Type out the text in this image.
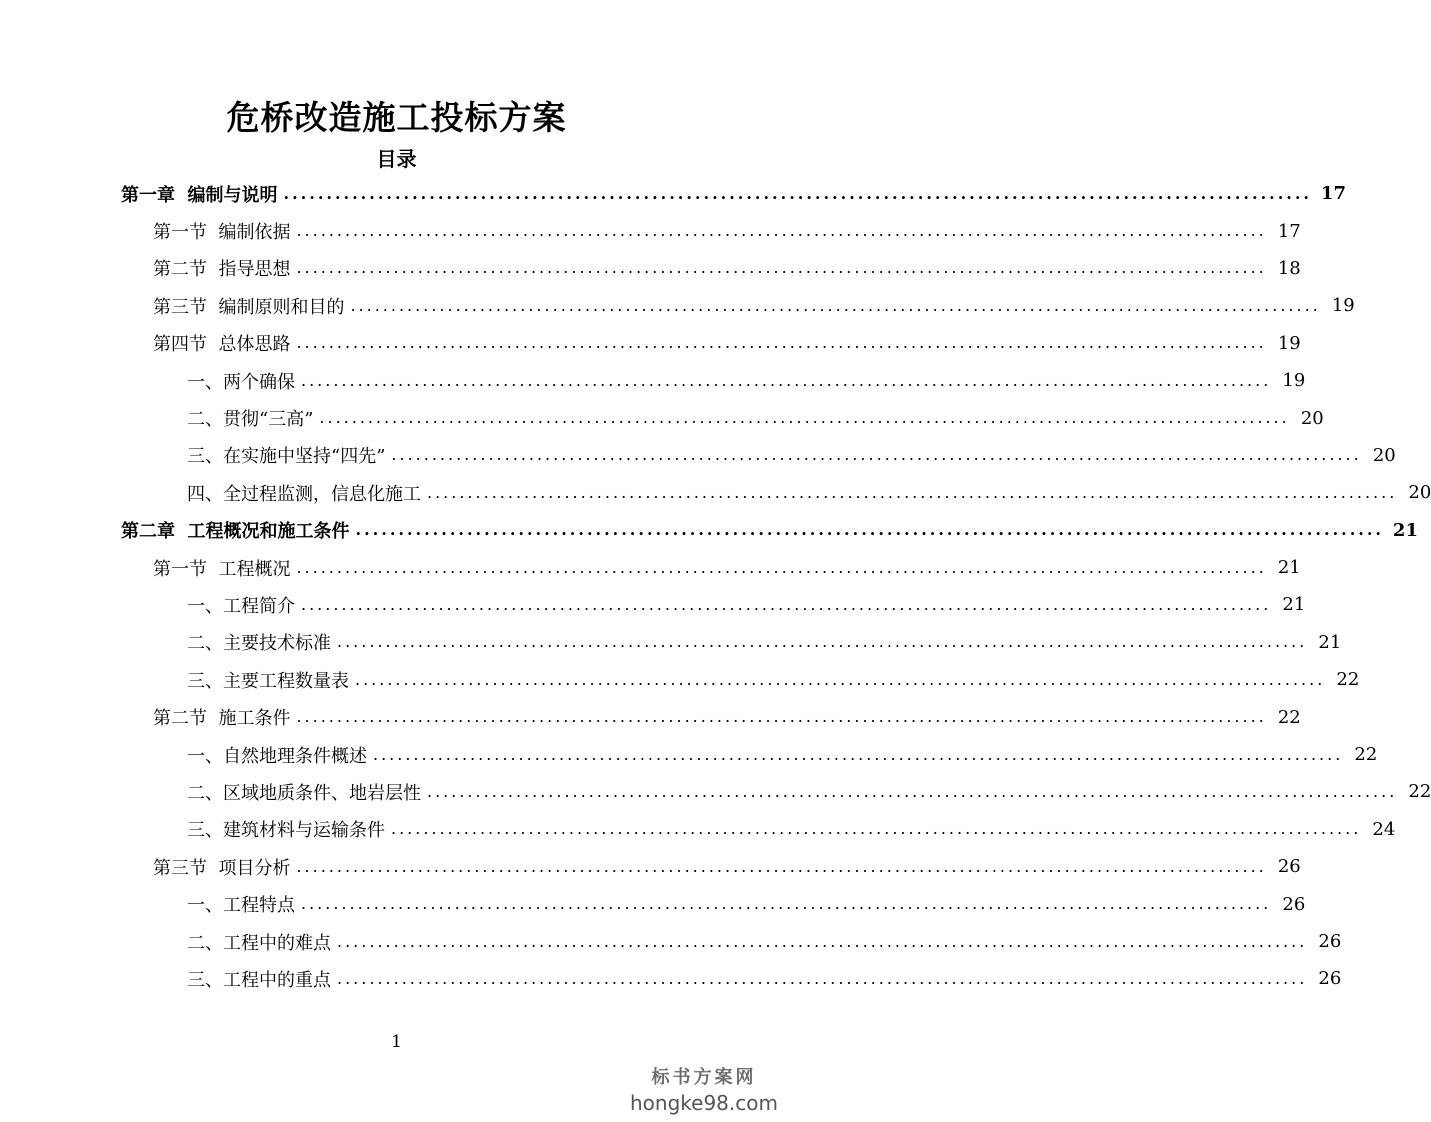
危桥改造施工投标方案
目录
第一章  编制与说明 ........................................................................................................................ 17
第一节  编制依据 ........................................................................................................................ 17
第二节  指导思想 ........................................................................................................................ 18
第三节  编制原则和目的 ........................................................................................................................ 19
第四节  总体思路 ........................................................................................................................ 19
一、两个确保 ........................................................................................................................ 19
二、贯彻“三高” ........................................................................................................................ 20
三、在实施中坚持“四先” ........................................................................................................................ 20
四、全过程监测，信息化施工 ........................................................................................................................ 20
第二章  工程概况和施工条件 ........................................................................................................................ 21
第一节  工程概况 ........................................................................................................................ 21
一、工程简介 ........................................................................................................................ 21
二、主要技术标准 ........................................................................................................................ 21
三、主要工程数量表 ........................................................................................................................ 22
第二节  施工条件 ........................................................................................................................ 22
一、自然地理条件概述 ........................................................................................................................ 22
二、区域地质条件、地岩层性 ........................................................................................................................ 22
三、建筑材料与运输条件 ........................................................................................................................ 24
第三节  项目分析 ........................................................................................................................ 26
一、工程特点 ........................................................................................................................ 26
二、工程中的难点 ........................................................................................................................ 26
三、工程中的重点 ........................................................................................................................ 26
1
标书方案网
hongke98.com
